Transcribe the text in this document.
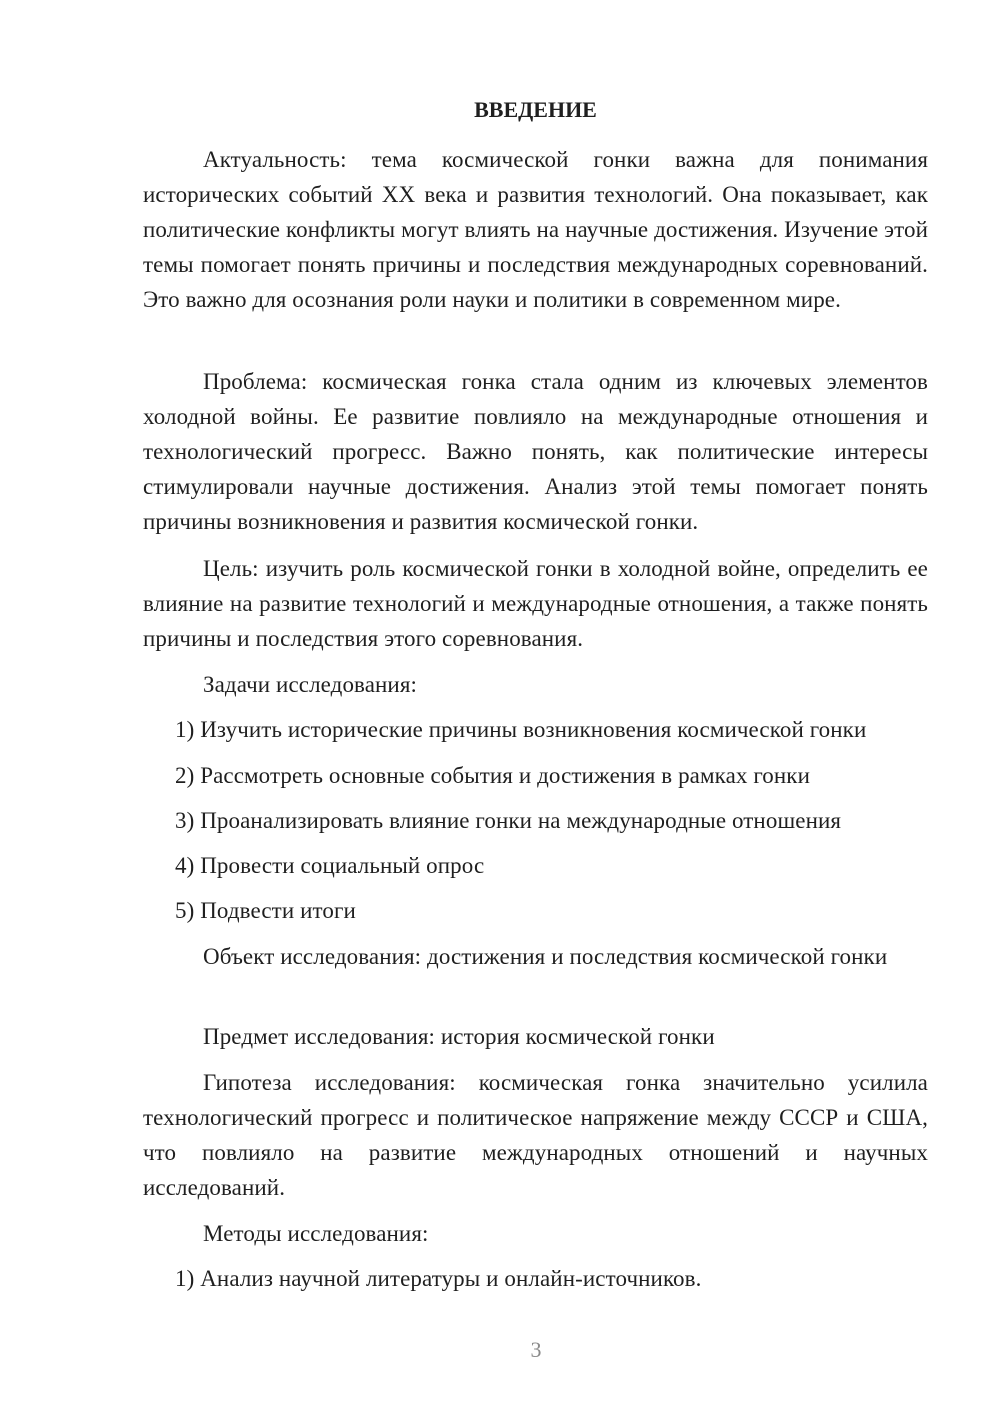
ВВЕДЕНИЕ
Актуальность: тема космической гонки важна для понимания исторических событий XX века и развития технологий. Она показывает, как политические конфликты могут влиять на научные достижения. Изучение этой темы помогает понять причины и последствия международных соревнований. Это важно для осознания роли науки и политики в современном мире.
Проблема: космическая гонка стала одним из ключевых элементов холодной войны. Ее развитие повлияло на международные отношения и технологический прогресс. Важно понять, как политические интересы стимулировали научные достижения. Анализ этой темы помогает понять причины возникновения и развития космической гонки.
Цель: изучить роль космической гонки в холодной войне, определить ее влияние на развитие технологий и международные отношения, а также понять причины и последствия этого соревнования.
Задачи исследования:
1) Изучить исторические причины возникновения космической гонки
2) Рассмотреть основные события и достижения в рамках гонки
3) Проанализировать влияние гонки на международные отношения
4) Провести социальный опрос
5) Подвести итоги
Объект исследования: достижения и последствия космической гонки
Предмет исследования: история космической гонки
Гипотеза исследования: космическая гонка значительно усилила технологический прогресс и политическое напряжение между СССР и США, что повлияло на развитие международных отношений и научных исследований.
Методы исследования:
1) Анализ научной литературы и онлайн-источников.
3
